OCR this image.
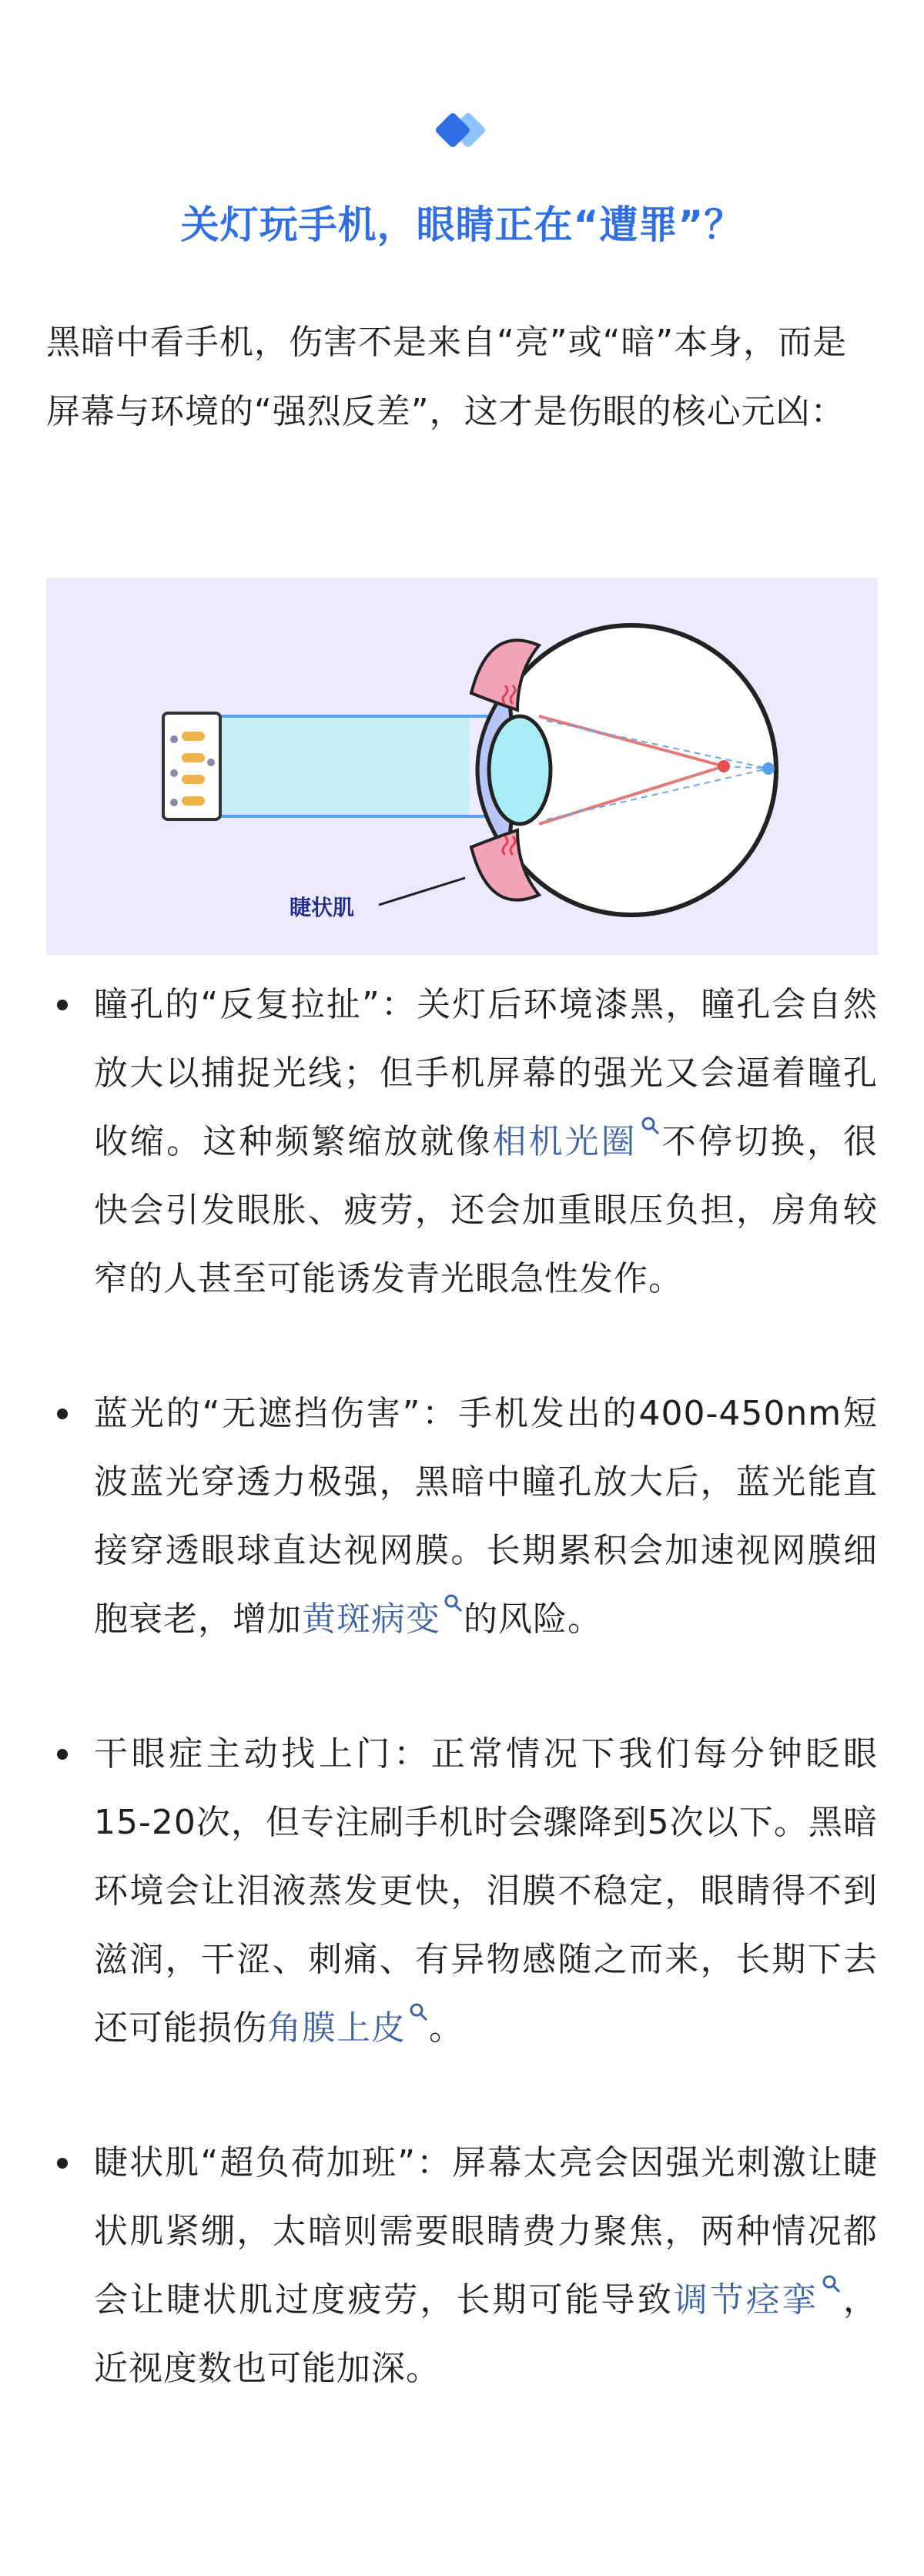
关灯玩手机，眼睛正在“遭罪”？

黑暗中看手机，伤害不是来自“亮”或“暗”本身，而是屏幕与环境的“强烈反差”，这才是伤眼的核心元凶：

睫状肌
瞳孔的“反复拉扯”：关灯后环境漆黑，瞳孔会自然放大以捕捉光线；但手机屏幕的强光又会逼着瞳孔收缩。这种频繁缩放就像相机光圈 不停切换，很快会引发眼胀、疲劳，还会加重眼压负担，房角较窄的人甚至可能诱发青光眼急性发作。
蓝光的“无遮挡伤害”：手机发出的400-450nm短波蓝光穿透力极强，黑暗中瞳孔放大后，蓝光能直接穿透眼球直达视网膜。长期累积会加速视网膜细胞衰老，增加黄斑病变 的风险。
干眼症主动找上门：正常情况下我们每分钟眨眼15-20次，但专注刷手机时会骤降到5次以下。黑暗环境会让泪液蒸发更快，泪膜不稳定，眼睛得不到滋润，干涩、刺痛、有异物感随之而来，长期下去还可能损伤角膜上皮 。
睫状肌“超负荷加班”：屏幕太亮会因强光刺激让睫状肌紧绷，太暗则需要眼睛费力聚焦，两种情况都会让睫状肌过度疲劳，长期可能导致调节痉挛 ，近视度数也可能加深。
